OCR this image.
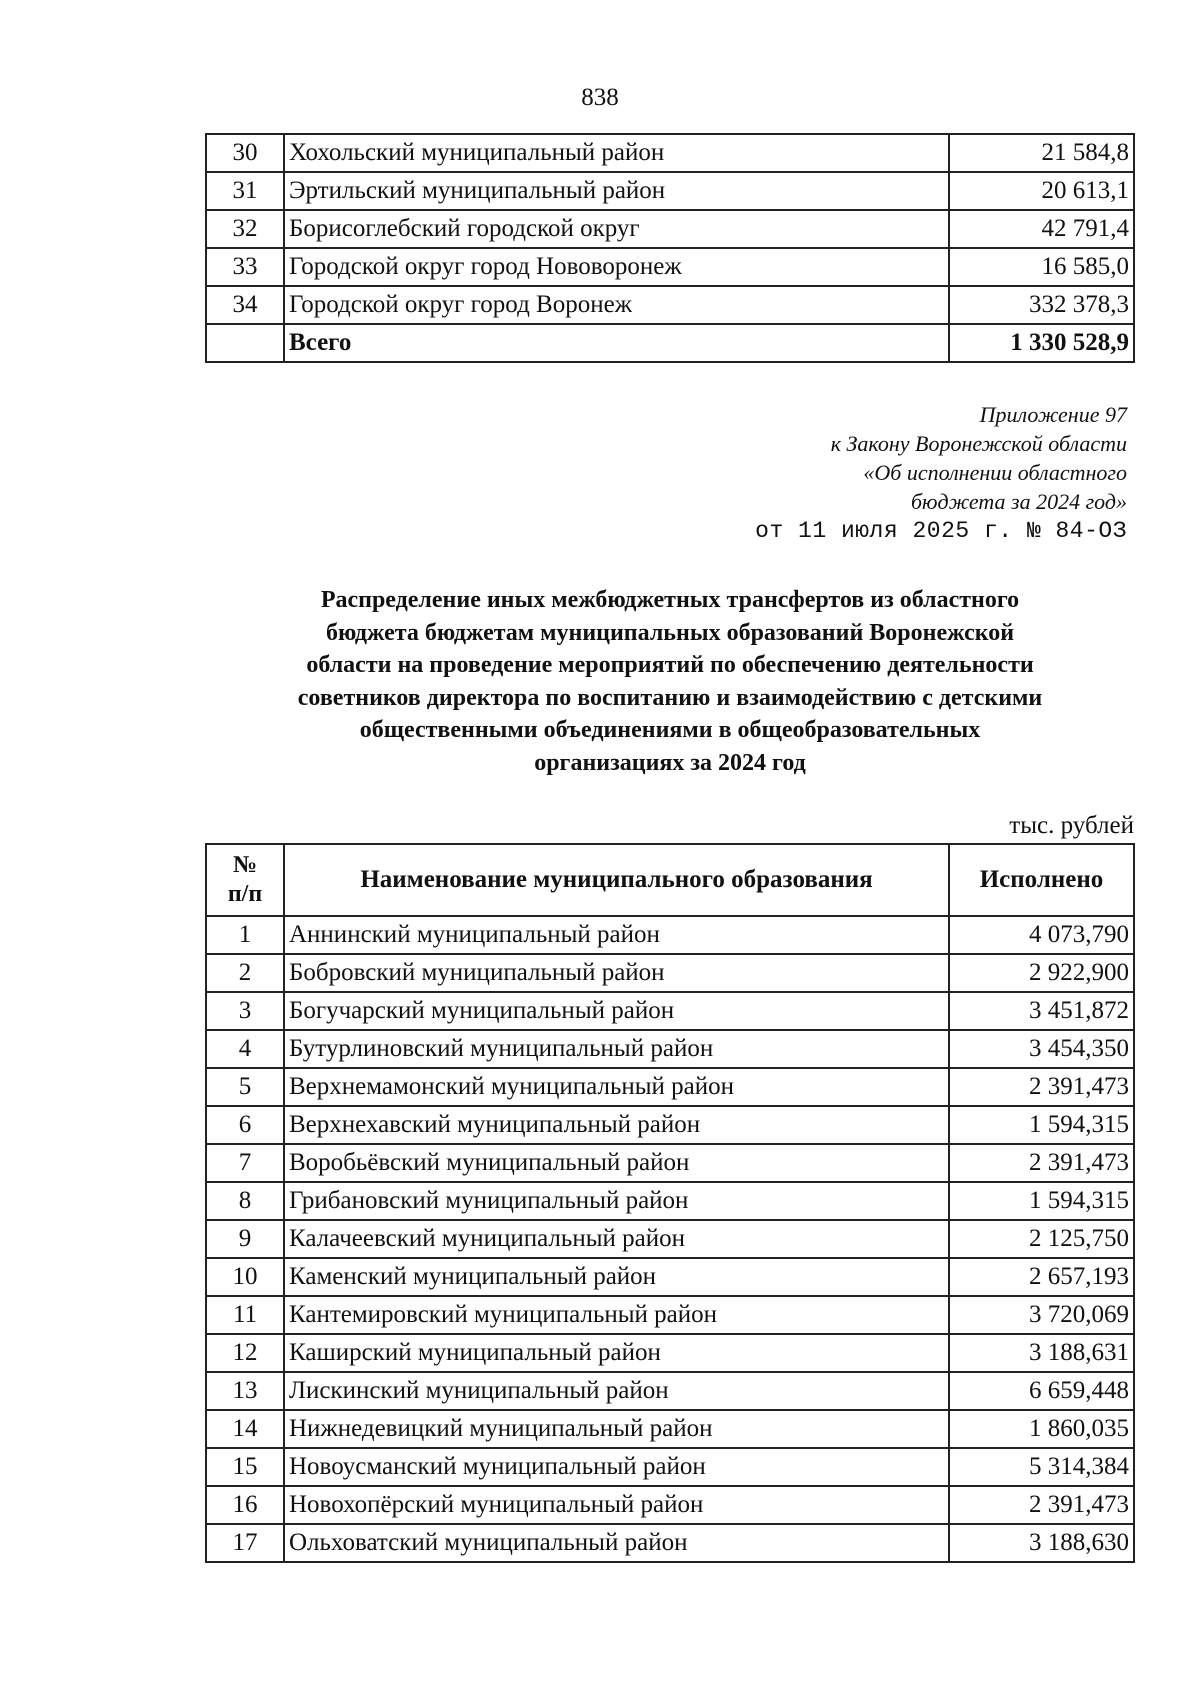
838
30	Хохольский муниципальный район	21 584,8
31	Эртильский муниципальный район	20 613,1
32	Борисоглебский городской округ	42 791,4
33	Городской округ город Нововоронеж	16 585,0
34	Городской округ город Воронеж	332 378,3
	Всего	1 330 528,9
Приложение 97
к Закону Воронежской области
«Об исполнении областного
бюджета за 2024 год»
от 11 июля 2025 г. № 84-ОЗ
Распределение иных межбюджетных трансфертов из областного
бюджета бюджетам муниципальных образований Воронежской
области на проведение мероприятий по обеспечению деятельности
советников директора по воспитанию и взаимодействию с детскими
общественными объединениями в общеобразовательных
организациях за 2024 год
тыс. рублей
№
п/п	Наименование муниципального образования	Исполнено
1	Аннинский муниципальный район	4 073,790
2	Бобровский муниципальный район	2 922,900
3	Богучарский муниципальный район	3 451,872
4	Бутурлиновский муниципальный район	3 454,350
5	Верхнемамонский муниципальный район	2 391,473
6	Верхнехавский муниципальный район	1 594,315
7	Воробьёвский муниципальный район	2 391,473
8	Грибановский муниципальный район	1 594,315
9	Калачеевский муниципальный район	2 125,750
10	Каменский муниципальный район	2 657,193
11	Кантемировский муниципальный район	3 720,069
12	Каширский муниципальный район	3 188,631
13	Лискинский муниципальный район	6 659,448
14	Нижнедевицкий муниципальный район	1 860,035
15	Новоусманский муниципальный район	5 314,384
16	Новохопёрский муниципальный район	2 391,473
17	Ольховатский муниципальный район	3 188,630
